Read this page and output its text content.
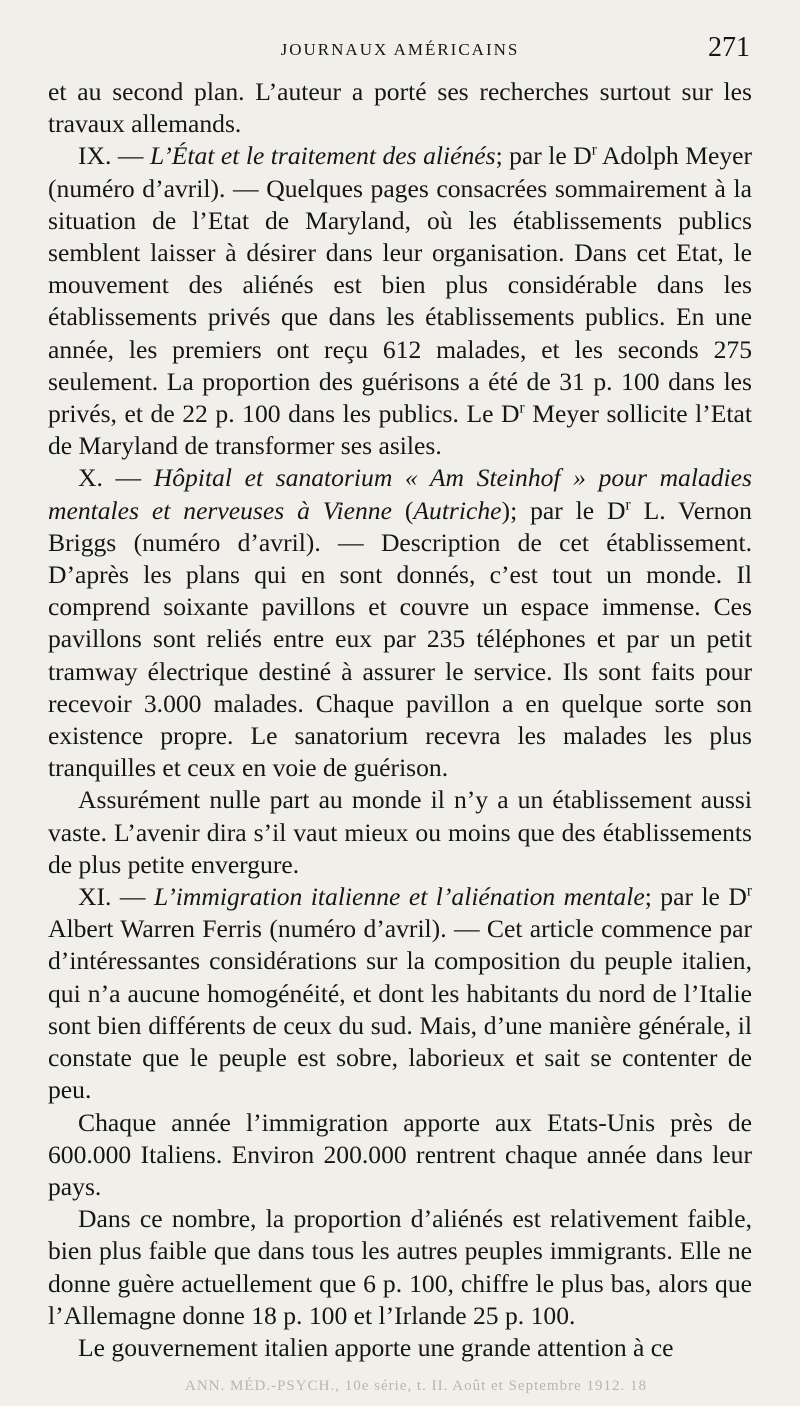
JOURNAUX AMÉRICAINS	271

et au second plan. L’auteur a porté ses recherches surtout sur les travaux allemands.

IX. — L’État et le traitement des aliénés; par le $D^r$ Adolph Meyer (numéro d’avril). — Quelques pages consacrées sommairement à la situation de l’Etat de Maryland, où les établissements publics semblent laisser à désirer dans leur organisation. Dans cet Etat, le mouvement des aliénés est bien plus considérable dans les établissements privés que dans les établissements publics. En une année, les premiers ont reçu 612 malades, et les seconds 275 seulement. La proportion des guérisons a été de 31 p. 100 dans les privés, et de 22 p. 100 dans les publics. Le $D^r$ Meyer sollicite l’Etat de Maryland de transformer ses asiles.

X. — Hôpital et sanatorium « Am Steinhof » pour maladies mentales et nerveuses à Vienne (Autriche); par le $D^r$ L. Vernon Briggs (numéro d’avril). — Description de cet établissement. D’après les plans qui en sont donnés, c’est tout un monde. Il comprend soixante pavillons et couvre un espace immense. Ces pavillons sont reliés entre eux par 235 téléphones et par un petit tramway électrique destiné à assurer le service. Ils sont faits pour recevoir 3.000 malades. Chaque pavillon a en quelque sorte son existence propre. Le sanatorium recevra les malades les plus tranquilles et ceux en voie de guérison.

Assurément nulle part au monde il n’y a un établissement aussi vaste. L’avenir dira s’il vaut mieux ou moins que des établissements de plus petite envergure.

XI. — L’immigration italienne et l’aliénation mentale; par le $D^r$ Albert Warren Ferris (numéro d’avril). — Cet article commence par d’intéressantes considérations sur la composition du peuple italien, qui n’a aucune homogénéité, et dont les habitants du nord de l’Italie sont bien différents de ceux du sud. Mais, d’une manière générale, il constate que le peuple est sobre, laborieux et sait se contenter de peu.

Chaque année l’immigration apporte aux Etats-Unis près de 600.000 Italiens. Environ 200.000 rentrent chaque année dans leur pays.

Dans ce nombre, la proportion d’aliénés est relativement faible, bien plus faible que dans tous les autres peuples immigrants. Elle ne donne guère actuellement que 6 p. 100, chiffre le plus bas, alors que l’Allemagne donne 18 p. 100 et l’Irlande 25 p. 100.

Le gouvernement italien apporte une grande attention à ce

ANN. MÉD.-PSYCH., 10e série, t. II. Août et Septembre 1912. 18
